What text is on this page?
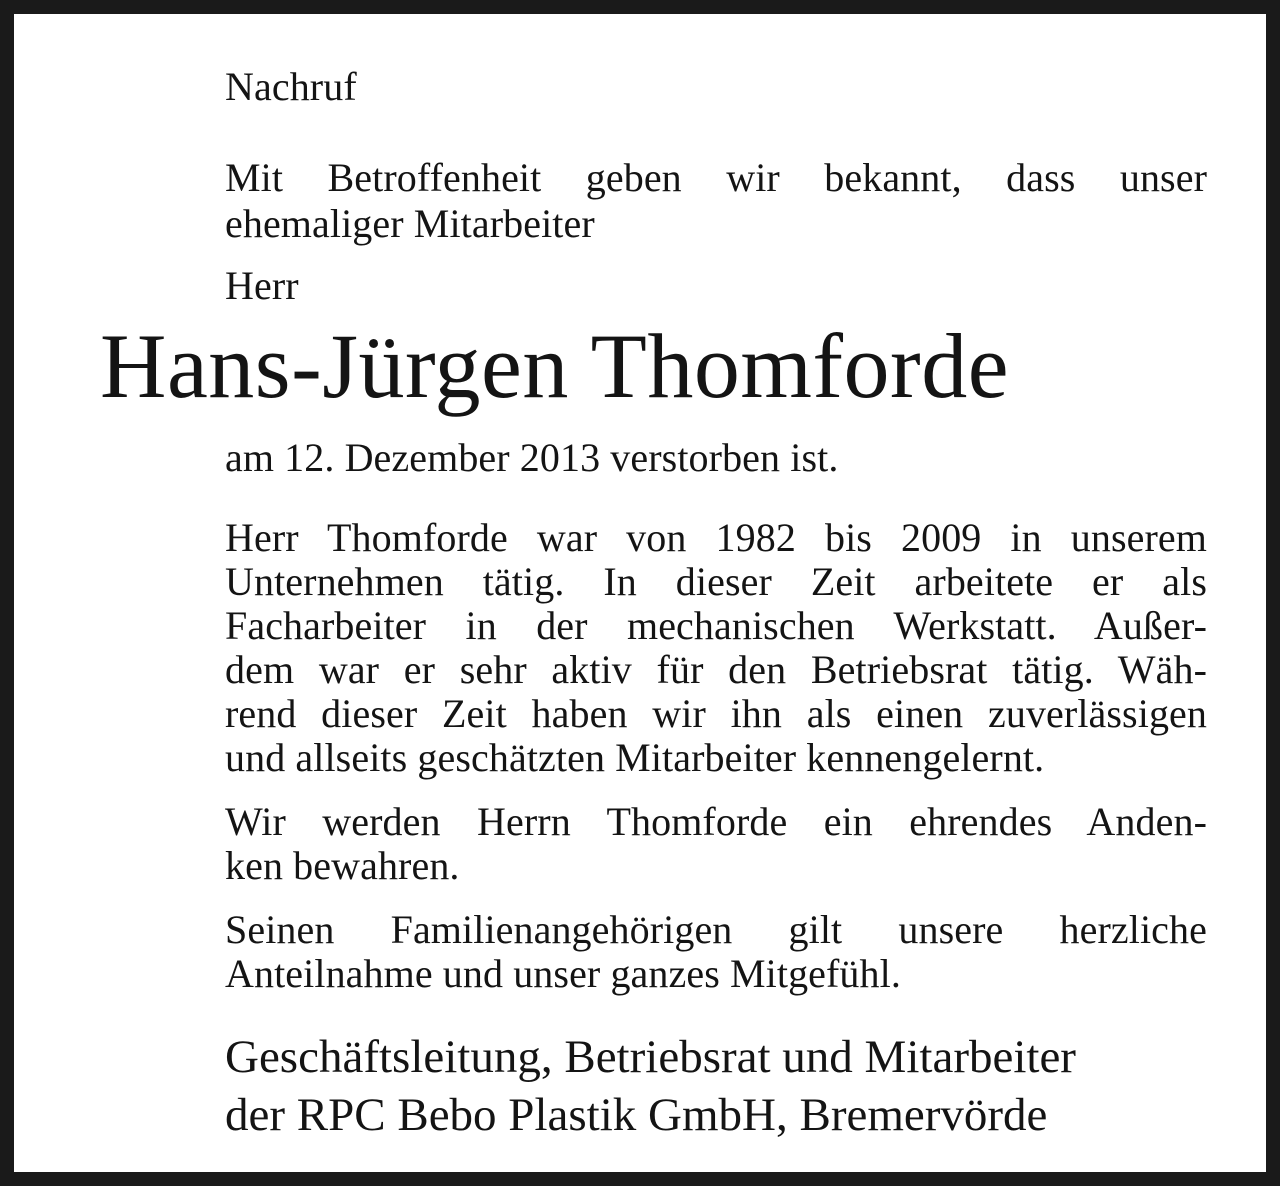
Nachruf

Mit Betroffenheit geben wir bekannt, dass unser

ehemaliger Mitarbeiter

Herr

Hans-Jürgen Thomforde

am 12. Dezember 2013 verstorben ist.

Herr Thomforde war von 1982 bis 2009 in unserem

Unternehmen tätig. In dieser Zeit arbeitete er als

Facharbeiter in der mechanischen Werkstatt. Außer-

dem war er sehr aktiv für den Betriebsrat tätig. Wäh-

rend dieser Zeit haben wir ihn als einen zuverlässigen

und allseits geschätzten Mitarbeiter kennengelernt.

Wir werden Herrn Thomforde ein ehrendes Anden-

ken bewahren.

Seinen Familienangehörigen gilt unsere herzliche

Anteilnahme und unser ganzes Mitgefühl.

Geschäftsleitung, Betriebsrat und Mitarbeiter

der RPC Bebo Plastik GmbH, Bremervörde
